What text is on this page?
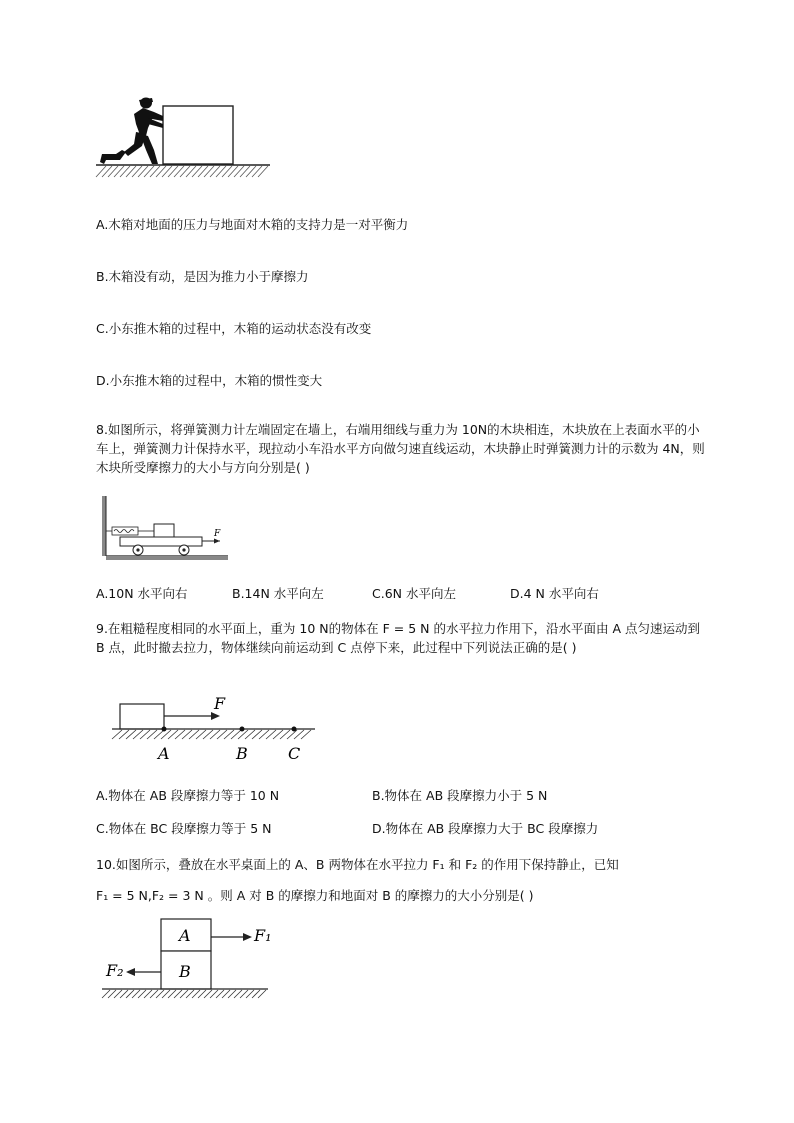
A.木箱对地面的压力与地面对木箱的支持力是一对平衡力
B.木箱没有动，是因为推力小于摩擦力
C.小东推木箱的过程中，木箱的运动状态没有改变
D.小东推木箱的过程中，木箱的惯性变大
8.如图所示，将弹簧测力计左端固定在墙上，右端用细线与重力为 10N的木块相连，木块放在上表面水平的小车上，弹簧测力计保持水平，现拉动小车沿水平方向做匀速直线运动，木块静止时弹簧测力计的示数为 4N，则木块所受摩擦力的大小与方向分别是( )
F
A.10N 水平向右	B.14N 水平向左	C.6N 水平向左	D.4 N 水平向右
9.在粗糙程度相同的水平面上，重为 10 N的物体在 F = 5 N 的水平拉力作用下，沿水平面由 A 点匀速运动到 B 点，此时撤去拉力，物体继续向前运动到 C 点停下来，此过程中下列说法正确的是( )
F
A	B	C
A.物体在 AB 段摩擦力等于 10 N	B.物体在 AB 段摩擦力小于 5 N
C.物体在 BC 段摩擦力等于 5 N	D.物体在 AB 段摩擦力大于 BC 段摩擦力
10.如图所示，叠放在水平桌面上的 A、B 两物体在水平拉力 F₁ 和 F₂ 的作用下保持静止，已知
F₁ = 5 N,F₂ = 3 N 。则 A 对 B 的摩擦力和地面对 B 的摩擦力的大小分别是( )
A
B
F₁
F₂
